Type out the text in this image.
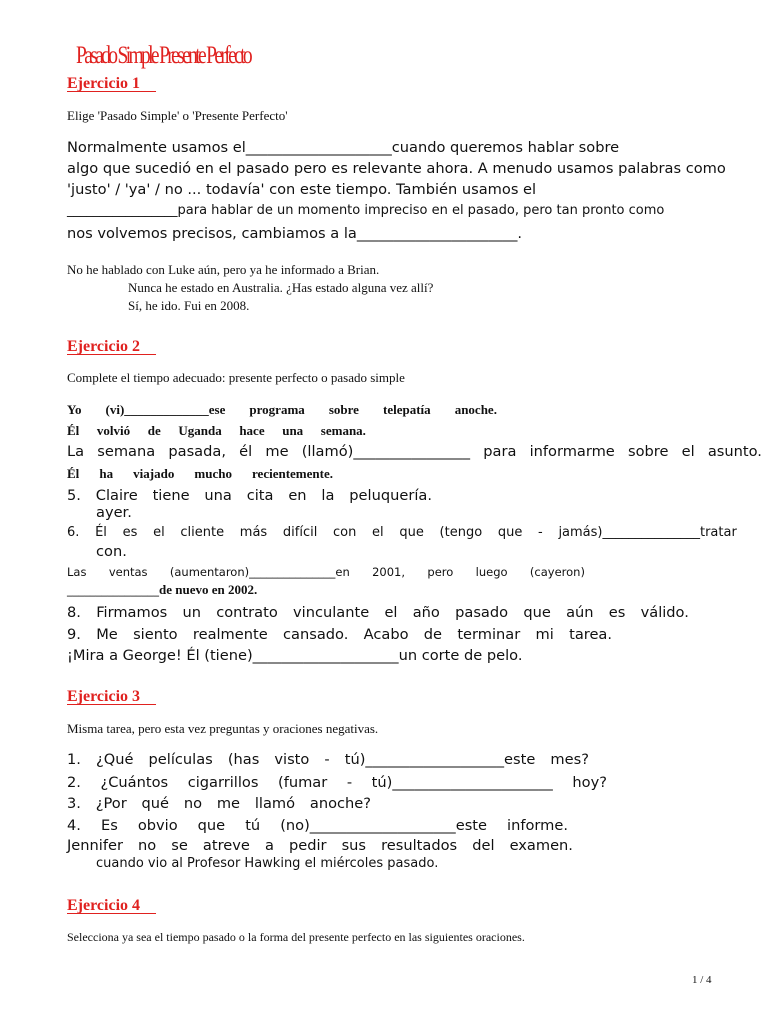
Pasado Simple Presente Perfecto
Ejercicio 1
Elige 'Pasado Simple' o 'Presente Perfecto'
Normalmente usamos el____________________cuando queremos hablar sobre
algo que sucedió en el pasado pero es relevante ahora. A menudo usamos palabras como
'justo' / 'ya' / no ... todavía' con este tiempo. También usamos el
_________________para hablar de un momento impreciso en el pasado, pero tan pronto como
nos volvemos precisos, cambiamos a la______________________.
No he hablado con Luke aún, pero ya he informado a Brian.
Nunca he estado en Australia. ¿Has estado alguna vez allí?
Sí, he ido. Fui en 2008.
Ejercicio 2
Complete el tiempo adecuado: presente perfecto o pasado simple
Yo (vi)_____________ese programa sobre telepatía anoche.
Él volvió de Uganda hace una semana.
La semana pasada, él me (llamó)________________ para informarme sobre el asunto.
Él ha viajado mucho recientemente.
5. Claire tiene una cita en la peluquería.
ayer.
6. Él es el cliente más difícil con el que (tengo que - jamás)_______________tratar
con.
Las ventas (aumentaron)_______________en 2001, pero luego (cayeron)
________________de nuevo en 2002.
8. Firmamos un contrato vinculante el año pasado que aún es válido.
9. Me siento realmente cansado. Acabo de terminar mi tarea.
¡Mira a George! Él (tiene)____________________un corte de pelo.
Ejercicio 3
Misma tarea, pero esta vez preguntas y oraciones negativas.
1. ¿Qué películas (has visto - tú)___________________este mes?
2. ¿Cuántos cigarrillos (fumar - tú)______________________ hoy?
3. ¿Por qué no me llamó anoche?
4. Es obvio que tú (no)____________________este informe.
Jennifer no se atreve a pedir sus resultados del examen.
cuando vio al Profesor Hawking el miércoles pasado.
Ejercicio 4
Selecciona ya sea el tiempo pasado o la forma del presente perfecto en las siguientes oraciones.
1 / 4
